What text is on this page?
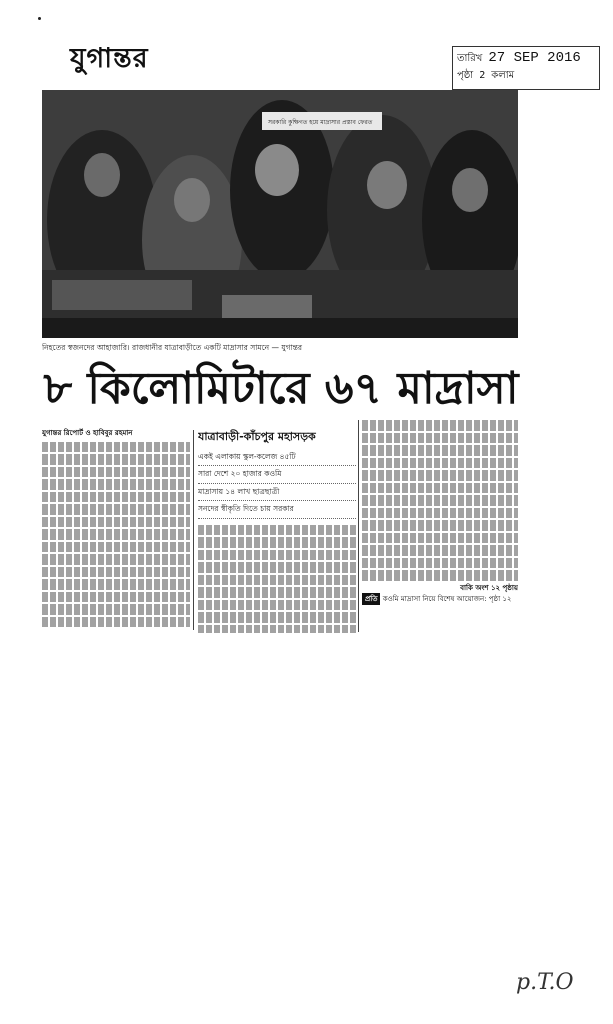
যুগান্তর	তারিখ 27 SEP 2016
পৃষ্ঠা 2 কলাম
সরকারি কুক্ষিগত হয়ে মাদ্রাসার প্রস্তাব ফেরত
নিহতের স্বজনদের আহাজারি। রাজধানীর যাত্রাবাড়ীতে একটি মাদ্রাসার সামনে — যুগান্তর
৮ কিলোমিটারে ৬৭ মাদ্রাসা
যুগান্তর রিপোর্ট ও হাবিবুর রহমান	যাত্রাবাড়ী-কাঁচপুর মহাসড়ক
একই এলাকায় স্কুল-কলেজ ৪৫টি
সারা দেশে ২০ হাজার কওমি
মাদ্রাসায় ১৪ লাখ ছাত্রছাত্রী
সনদের স্বীকৃতি দিতে চায় সরকার
বাকি অংশ ১২ পৃষ্ঠায়
প্রতি কওমি মাদ্রাসা নিয়ে বিশেষ আয়োজন: পৃষ্ঠা ১২
p.T.O
